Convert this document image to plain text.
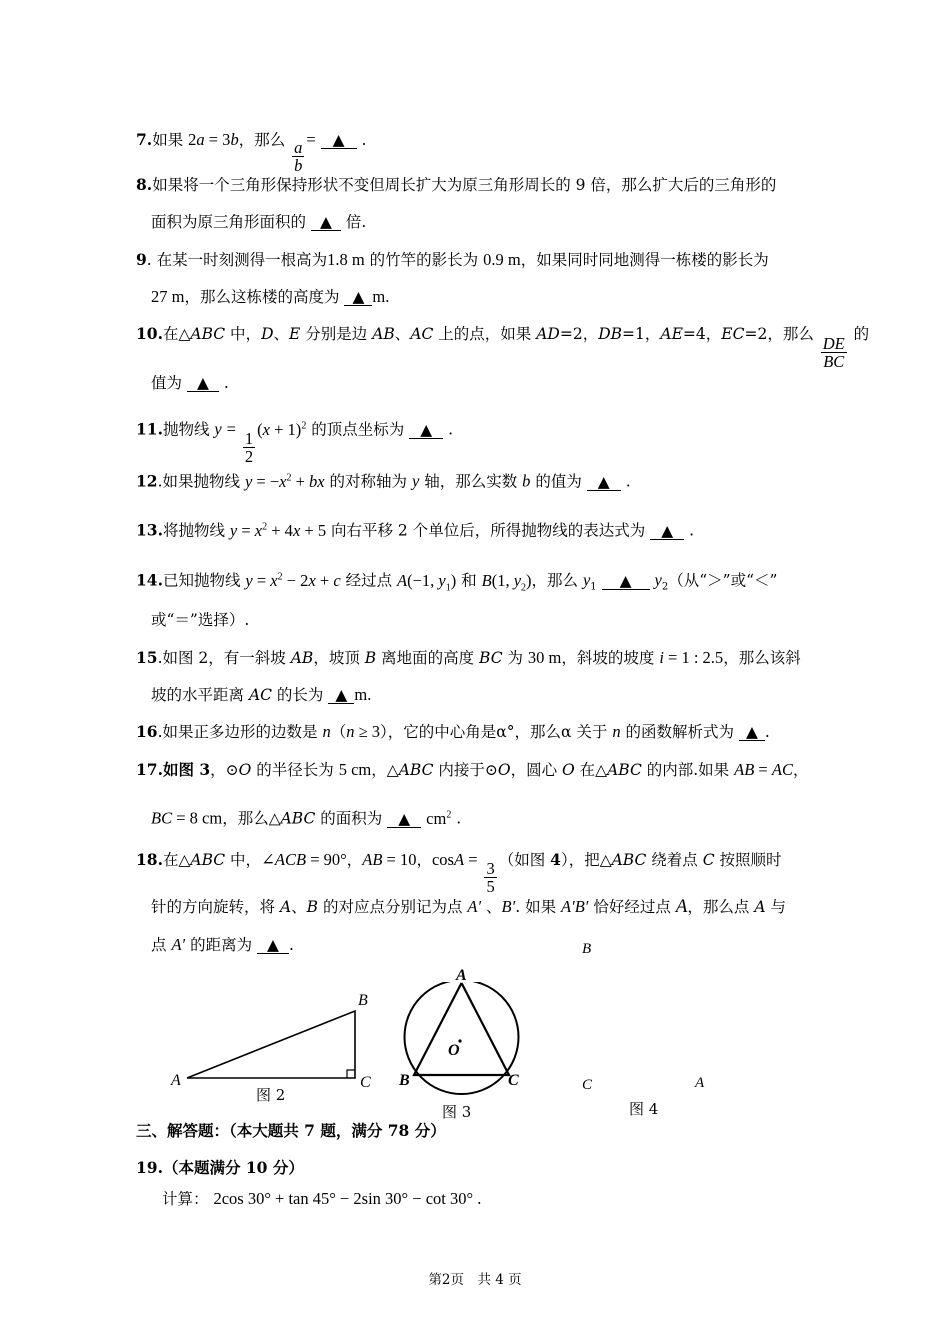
7.如果 2a = 3b，那么 $\frac{a}{b}$ = ▲ .
8.如果将一个三角形保持形状不变但周长扩大为原三角形周长的 9 倍，那么扩大后的三角形的
面积为原三角形面积的 ▲ 倍.
9. 在某一时刻测得一根高为1.8 m 的竹竿的影长为 0.9 m，如果同时同地测得一栋楼的影长为
27 m，那么这栋楼的高度为 ▲ m.
10.在△ABC 中，D、E 分别是边 AB、AC 上的点，如果 AD=2，DB=1，AE=4，EC=2，那么
$\frac{DE}{BC}$
的
值为 ▲ .
11.抛物线 y =
$\frac{1}{2}$
$(x + 1)^2$ 的顶点坐标为 ▲ .
12.如果抛物线 $y = -x^2$ + bx 的对称轴为 y 轴，那么实数 b 的值为 ▲ .
13.将抛物线 $y = x^2 + 4x + 5$ 向右平移 2 个单位后，所得抛物线的表达式为 ▲ .
14.已知抛物线 $y = x^2 - 2x + c$ 经过点 A(−1, $y_1$) 和 B(1, $y_2$)，那么 $y_1$ ▲ $y_2$（从“＞”或“＜”
或“＝”选择）.
15.如图 2，有一斜坡 AB，坡顶 B 离地面的高度 BC 为 30 m，斜坡的坡度 i = 1 : 2.5，那么该斜
坡的水平距离 AC 的长为 ▲ m.
16.如果正多边形的边数是 n（n ≥ 3），它的中心角是α°，那么α 关于 n 的函数解析式为 ▲ .
17.如图 3，⊙O 的半径长为 5 cm，△ABC 内接于⊙O，圆心 O 在△ABC 的内部.如果 AB = AC，
BC = 8 cm，那么△ABC 的面积为 ▲ $cm^2$ .
18.在△ABC 中，∠ACB = 90°，AB = 10，cosA =
$\frac{3}{5}$ （如图 4），把△ABC 绕着点 C 按照顺时
针的方向旋转，将 A、B 的对应点分别记为点 A′ 、B′. 如果 A′B′ 恰好经过点 A，那么点 A 与
点 A′ 的距离为 ▲ .
A
B
C
图 2
A
B	C
O
图 3
B
C	A
图 4
三、解答题：（本大题共 7 题，满分 78 分）
19.（本题满分 10 分）
计算： 2cos 30° + tan 45° − 2sin 30° − cot 30° .
第2页　共 4 页
